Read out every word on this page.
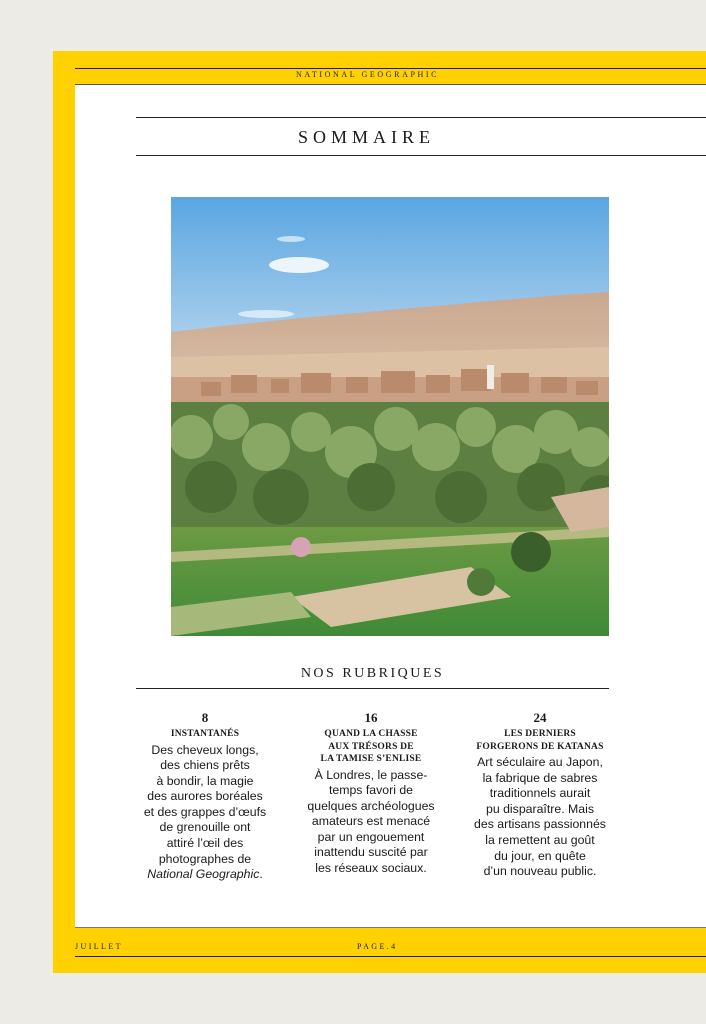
NATIONAL GEOGRAPHIC
SOMMAIRE
NOS RUBRIQUES
8
INSTANTANÉS
Des cheveux longs,
des chiens prêts
à bondir, la magie
des aurores boréales
et des grappes d’œufs
de grenouille ont
attiré l’œil des
photographes de
National Geographic.
16
QUAND LA CHASSE
AUX TRÉSORS DE
LA TAMISE S’ENLISE
À Londres, le passe-
temps favori de
quelques archéologues
amateurs est menacé
par un engouement
inattendu suscité par
les réseaux sociaux.
24
LES DERNIERS
FORGERONS DE KATANAS
Art séculaire au Japon,
la fabrique de sabres
traditionnels aurait
pu disparaître. Mais
des artisans passionnés
la remettent au goût
du jour, en quête
d’un nouveau public.
JUILLET	PAGE.4
